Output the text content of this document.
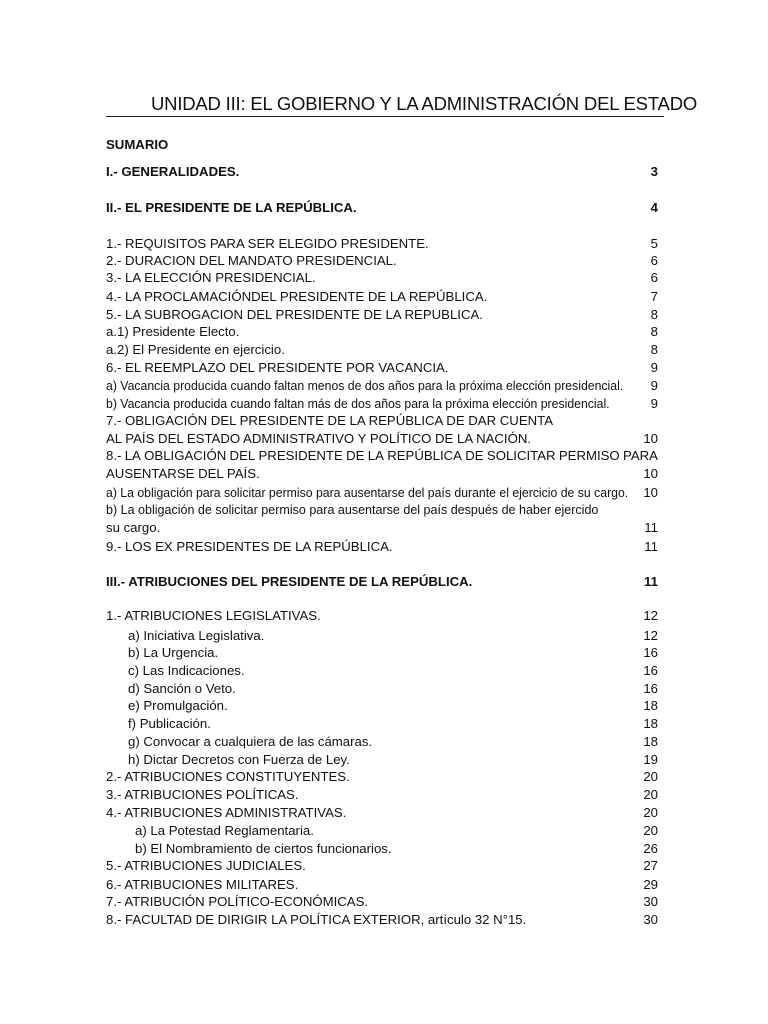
UNIDAD III: EL GOBIERNO Y LA ADMINISTRACIÓN DEL ESTADO
SUMARIO
I.- GENERALIDADES.	3
II.- EL PRESIDENTE DE LA REPÚBLICA.	4
1.- REQUISITOS PARA SER ELEGIDO PRESIDENTE.	5
2.- DURACION DEL MANDATO PRESIDENCIAL.	6
3.- LA ELECCIÓN PRESIDENCIAL.	6
4.- LA PROCLAMACIÓNDEL PRESIDENTE DE LA REPÚBLICA.	7
5.- LA SUBROGACION DEL PRESIDENTE DE LA REPUBLICA.	8
a.1) Presidente Electo.	8
a.2) El Presidente en ejercicio.	8
6.- EL REEMPLAZO DEL PRESIDENTE POR VACANCIA.	9
a) Vacancia producida cuando faltan menos de dos años para la próxima elección presidencial. 9
b) Vacancia producida cuando faltan más de dos años para la próxima elección presidencial.	9
7.- OBLIGACIÓN DEL PRESIDENTE DE LA REPÚBLICA DE DAR CUENTA
AL PAÍS DEL ESTADO ADMINISTRATIVO Y POLÍTICO DE LA NACIÓN.	10
8.- LA OBLIGACIÓN DEL PRESIDENTE DE LA REPÚBLICA DE SOLICITAR PERMISO PARA
AUSENTARSE DEL PAÍS.	10
a) La obligación para solicitar permiso para ausentarse del país durante el ejercicio de su cargo. 10
b) La obligación de solicitar permiso para ausentarse del país después de haber ejercido
su cargo.	11
9.- LOS EX PRESIDENTES DE LA REPÚBLICA.	11
III.- ATRIBUCIONES DEL PRESIDENTE DE LA REPÚBLICA.	11
1.- ATRIBUCIONES LEGISLATIVAS.	12
a) Iniciativa Legislativa.	12
b) La Urgencia.	16
c) Las Indicaciones.	16
d) Sanción o Veto.	16
e) Promulgación.	18
f) Publicación.	18
g) Convocar a cualquiera de las cámaras.	18
h) Dictar Decretos con Fuerza de Ley.	19
2.- ATRIBUCIONES CONSTITUYENTES.	20
3.- ATRIBUCIONES POLÍTICAS.	20
4.- ATRIBUCIONES ADMINISTRATIVAS.	20
a) La Potestad Reglamentaria.	20
b) El Nombramiento de ciertos funcionarios.	26
5.- ATRIBUCIONES JUDICIALES.	27
6.- ATRIBUCIONES MILITARES.	29
7.- ATRIBUCIÓN POLÍTICO-ECONÓMICAS.	30
8.- FACULTAD DE DIRIGIR LA POLÍTICA EXTERIOR, artículo 32 N°15.	30
